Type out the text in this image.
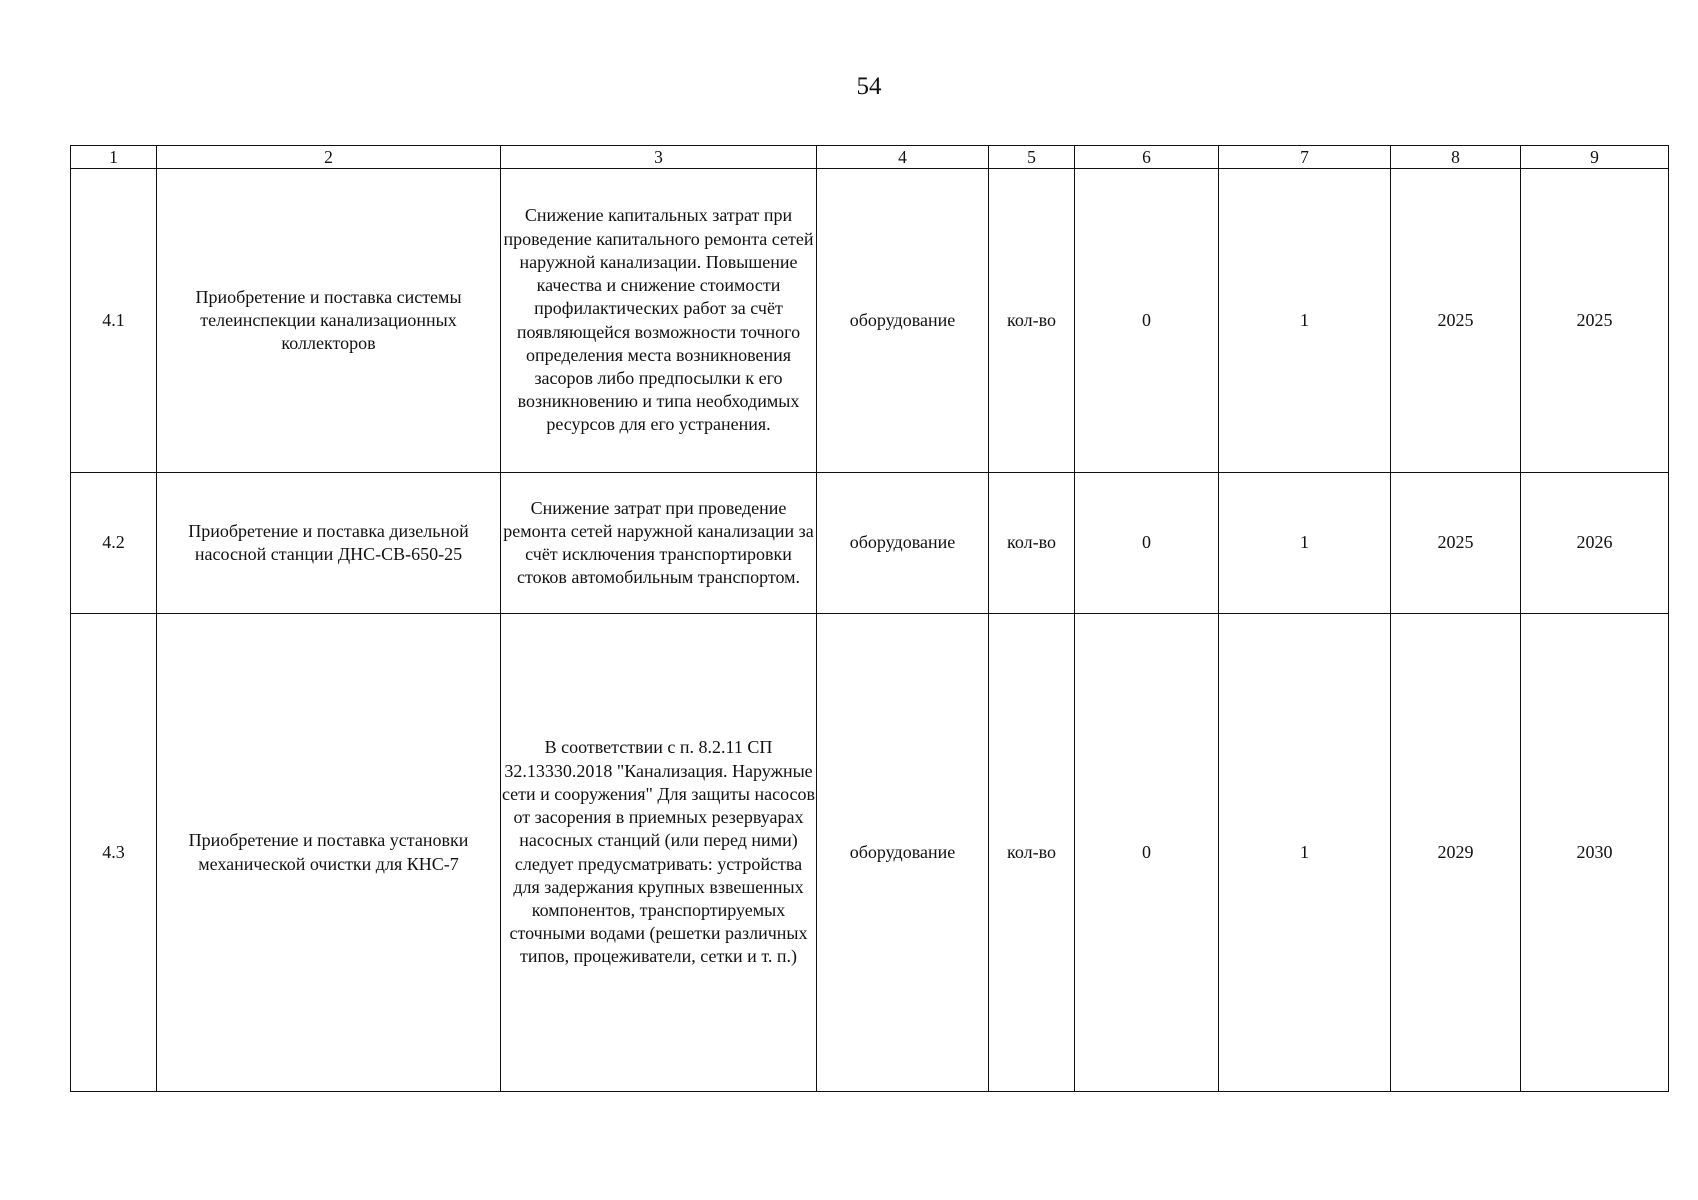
54
1	2	3	4	5	6	7	8	9
4.1	Приобретение и поставка системы телеинспекции канализационных коллекторов	Снижение капитальных затрат при проведение капитального ремонта сетей наружной канализации. Повышение качества и снижение стоимости профилактических работ за счёт появляющейся возможности точного определения места возникновения засоров либо предпосылки к его возникновению и типа необходимых ресурсов для его устранения.	оборудование	кол-во	0	1	2025	2025
4.2	Приобретение и поставка дизельной насосной станции ДНС-СВ-650-25	Снижение затрат при проведение ремонта сетей наружной канализации за счёт исключения транспортировки стоков автомобильным транспортом.	оборудование	кол-во	0	1	2025	2026
4.3	Приобретение и поставка установки механической очистки для КНС-7	В соответствии с п. 8.2.11 СП 32.13330.2018 "Канализация. Наружные сети и сооружения" Для защиты насосов от засорения в приемных резервуарах насосных станций (или перед ними) следует предусматривать: устройства для задержания крупных взвешенных компонентов, транспортируемых сточными водами (решетки различных типов, процеживатели, сетки и т. п.)	оборудование	кол-во	0	1	2029	2030
